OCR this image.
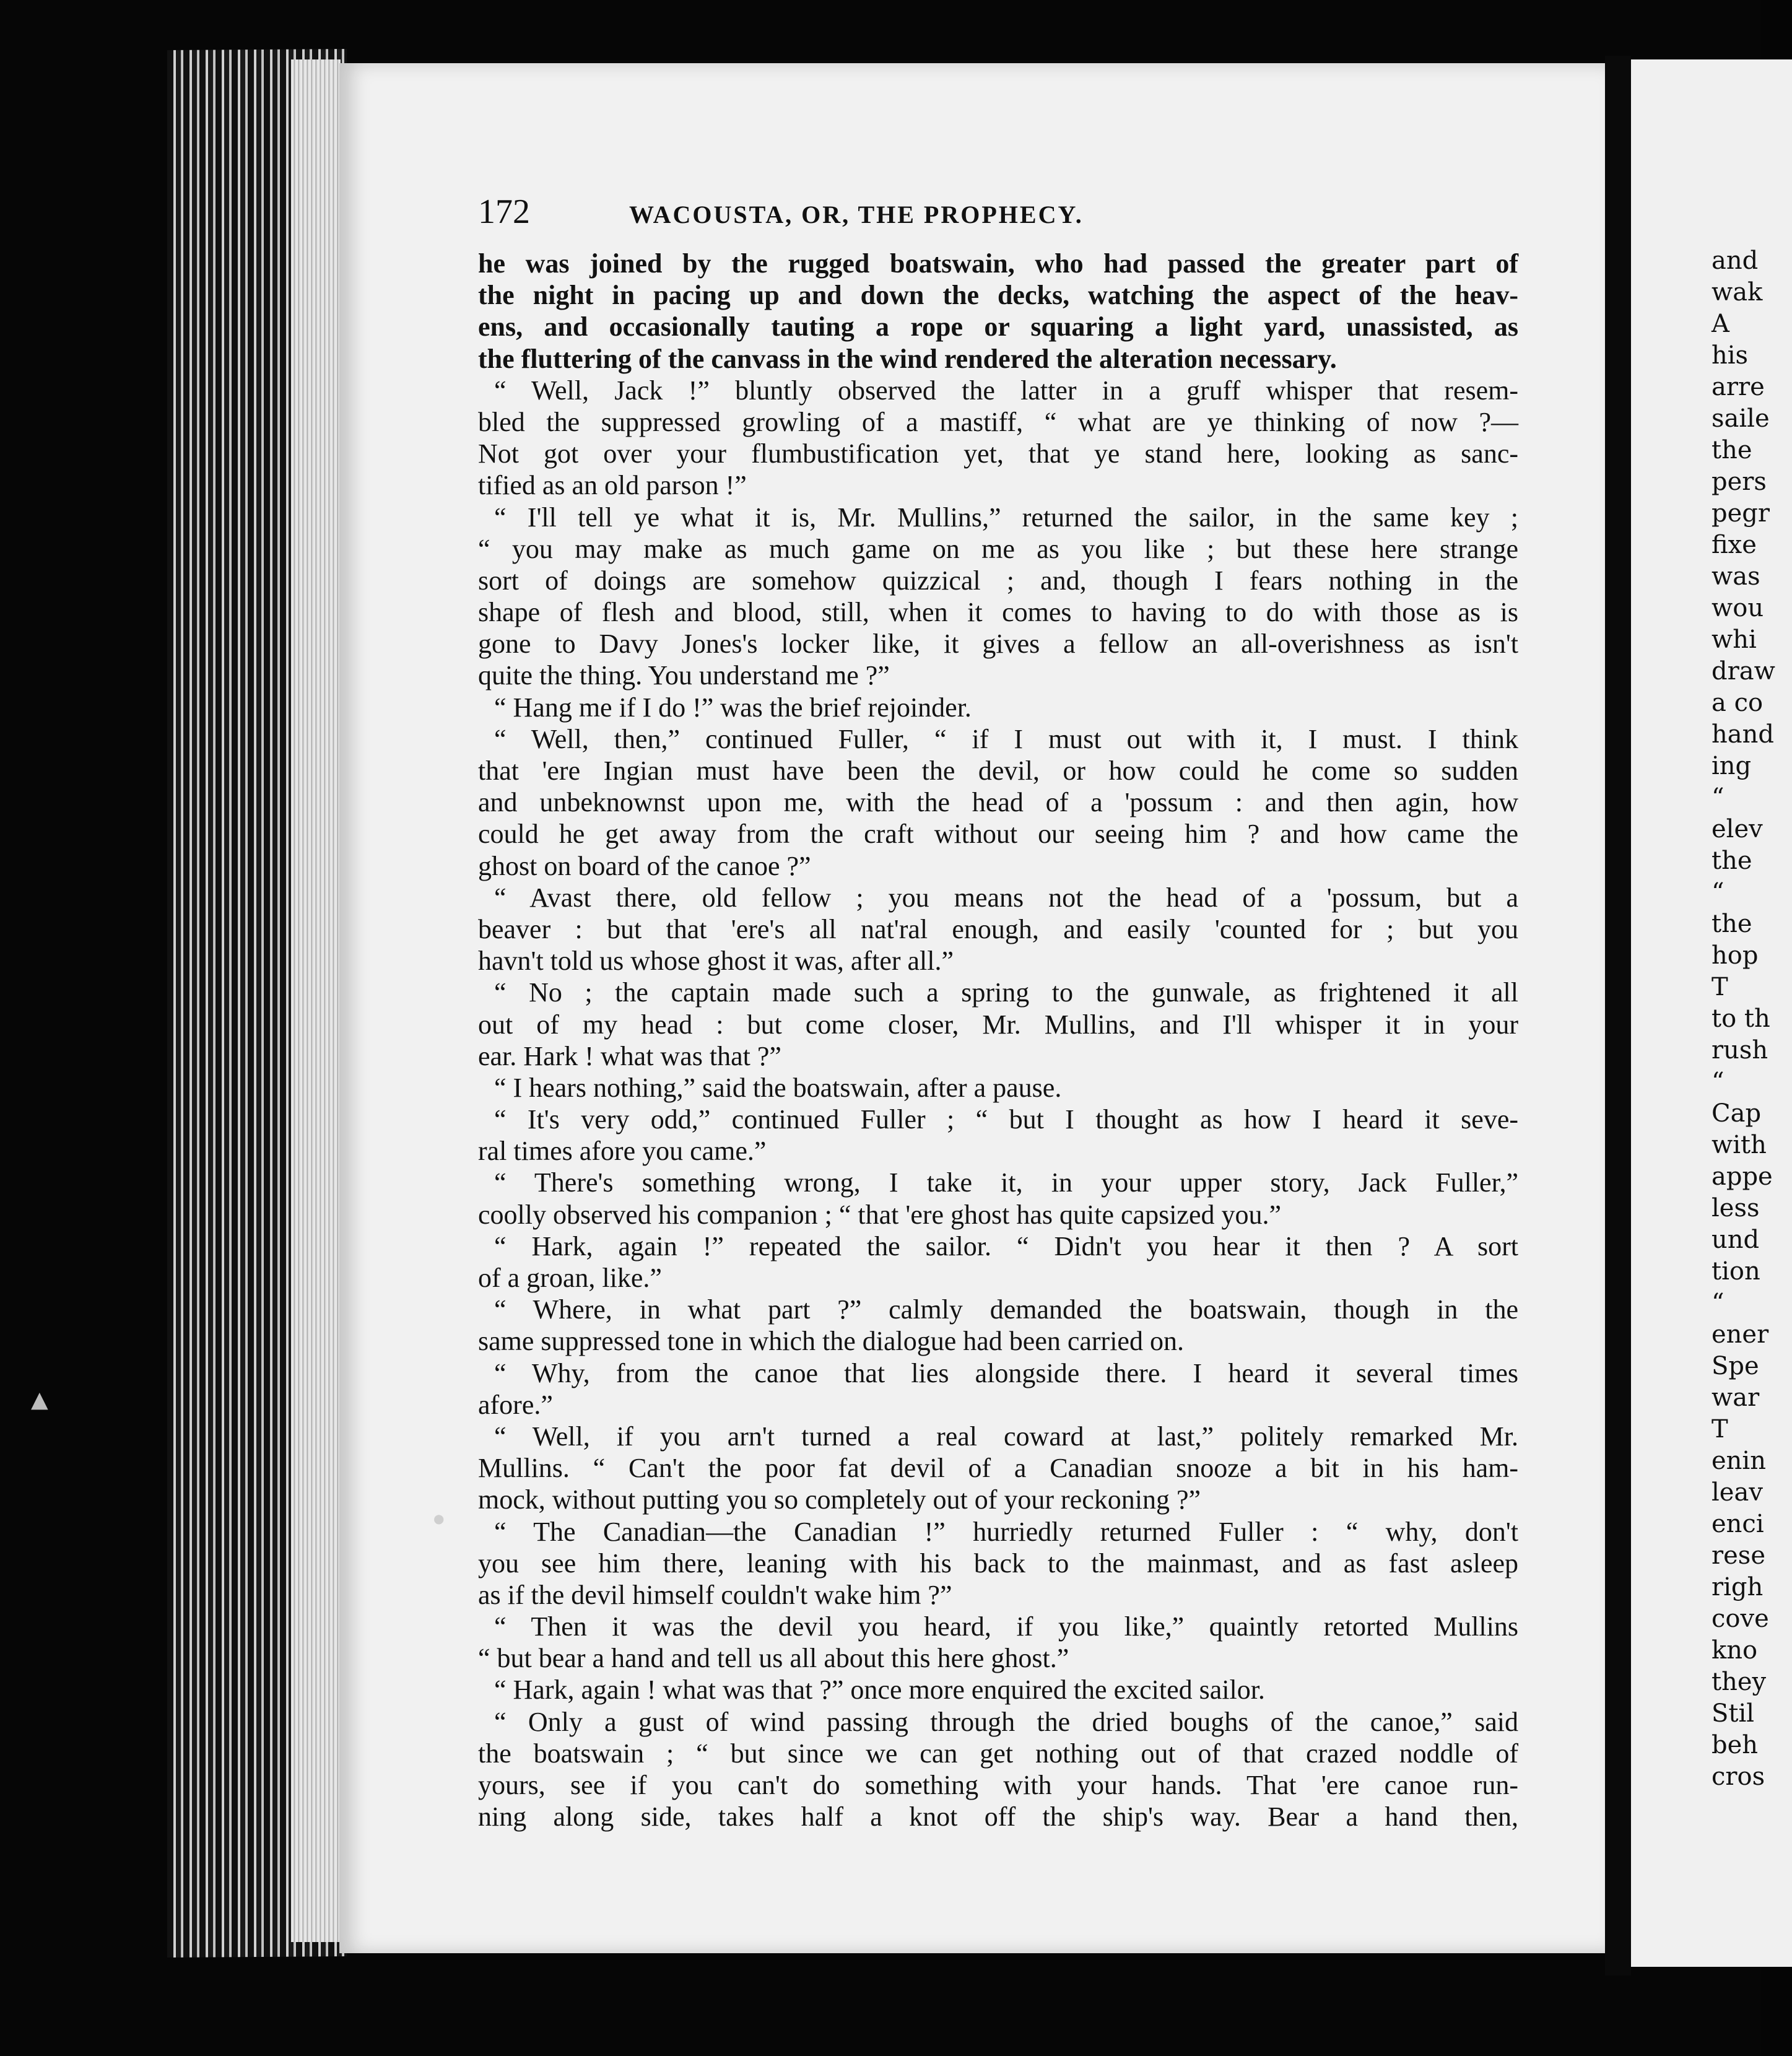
172	WACOUSTA, OR, THE PROPHECY.
he was joined by the rugged boatswain, who had passed the greater part of
the night in pacing up and down the decks, watching the aspect of the heav-
ens, and occasionally tauting a rope or squaring a light yard, unassisted, as
the fluttering of the canvass in the wind rendered the alteration necessary.
“ Well, Jack !” bluntly observed the latter in a gruff whisper that resem-
bled the suppressed growling of a mastiff, “ what are ye thinking of now ?—
Not got over your flumbustification yet, that ye stand here, looking as sanc-
tified as an old parson !”
“ I'll tell ye what it is, Mr. Mullins,” returned the sailor, in the same key ;
“ you may make as much game on me as you like ; but these here strange
sort of doings are somehow quizzical ; and, though I fears nothing in the
shape of flesh and blood, still, when it comes to having to do with those as is
gone to Davy Jones's locker like, it gives a fellow an all-overishness as isn't
quite the thing. You understand me ?”
“ Hang me if I do !” was the brief rejoinder.
“ Well, then,” continued Fuller, “ if I must out with it, I must. I think
that 'ere Ingian must have been the devil, or how could he come so sudden
and unbeknownst upon me, with the head of a 'possum : and then agin, how
could he get away from the craft without our seeing him ? and how came the
ghost on board of the canoe ?”
“ Avast there, old fellow ; you means not the head of a 'possum, but a
beaver : but that 'ere's all nat'ral enough, and easily 'counted for ; but you
havn't told us whose ghost it was, after all.”
“ No ; the captain made such a spring to the gunwale, as frightened it all
out of my head : but come closer, Mr. Mullins, and I'll whisper it in your
ear. Hark ! what was that ?”
“ I hears nothing,” said the boatswain, after a pause.
“ It's very odd,” continued Fuller ; “ but I thought as how I heard it seve-
ral times afore you came.”
“ There's something wrong, I take it, in your upper story, Jack Fuller,”
coolly observed his companion ; “ that 'ere ghost has quite capsized you.”
“ Hark, again !” repeated the sailor. “ Didn't you hear it then ? A sort
of a groan, like.”
“ Where, in what part ?” calmly demanded the boatswain, though in the
same suppressed tone in which the dialogue had been carried on.
“ Why, from the canoe that lies alongside there. I heard it several times
afore.”
“ Well, if you arn't turned a real coward at last,” politely remarked Mr.
Mullins. “ Can't the poor fat devil of a Canadian snooze a bit in his ham-
mock, without putting you so completely out of your reckoning ?”
“ The Canadian—the Canadian !” hurriedly returned Fuller : “ why, don't
you see him there, leaning with his back to the mainmast, and as fast asleep
as if the devil himself couldn't wake him ?”
“ Then it was the devil you heard, if you like,” quaintly retorted Mullins
“ but bear a hand and tell us all about this here ghost.”
“ Hark, again ! what was that ?” once more enquired the excited sailor.
“ Only a gust of wind passing through the dried boughs of the canoe,” said
the boatswain ; “ but since we can get nothing out of that crazed noddle of
yours, see if you can't do something with your hands. That 'ere canoe run-
ning along side, takes half a knot off the ship's way. Bear a hand then,
and
wak
A
his
arre
saile
the
pers
pegr
fixe
was
wou
whi
draw
a co
hand
ing
“
elev
the
“
the
hop
T
to th
rush
“
Cap
with
appe
less
und
tion
“
ener
Spe
war
T
enin
leav
enci
rese
righ
cove
kno
they
Stil
beh
cros
▲
●
